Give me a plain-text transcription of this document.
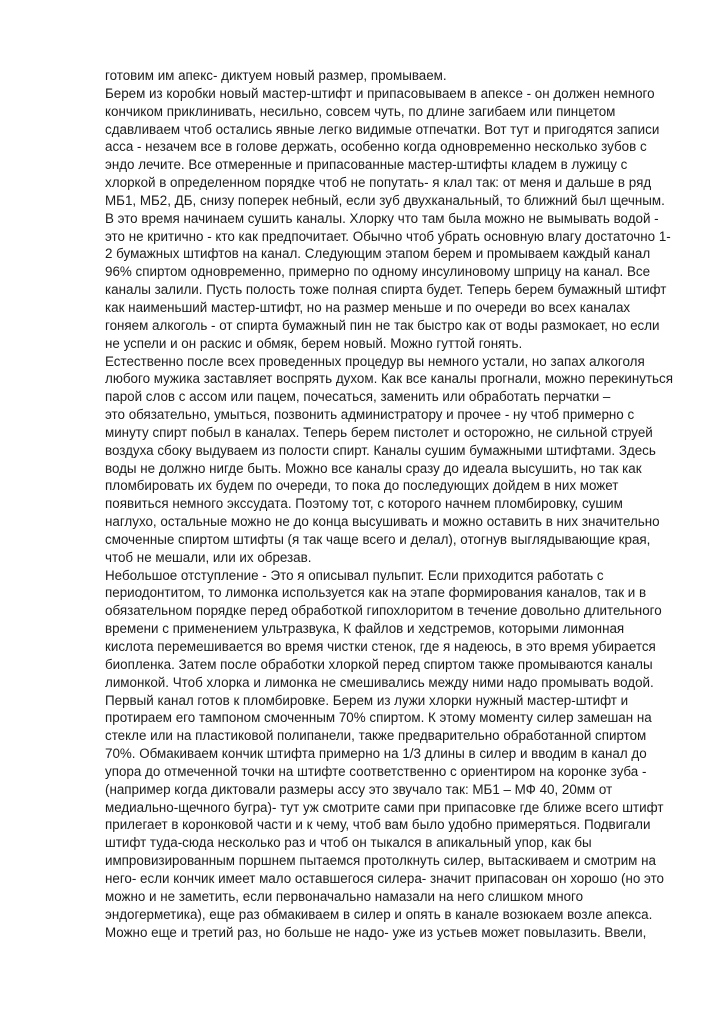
готовим им апекс- диктуем новый размер, промываем.
Берем из коробки новый мастер-штифт и припасовываем в апексе - он должен немного
кончиком приклинивать, несильно, совсем чуть, по длине загибаем или пинцетом
сдавливаем чтоб остались явные легко видимые отпечатки. Вот тут и пригодятся записи
асса - незачем все в голове держать, особенно когда одновременно несколько зубов с
эндо лечите. Все отмеренные и припасованные мастер-штифты кладем в лужицу с
хлоркой в определенном порядке чтоб не попутать- я клал так: от меня и дальше в ряд
МБ1, МБ2, ДБ, снизу поперек небный, если зуб двухканальный, то ближний был щечным.
В это время начинаем сушить каналы. Хлорку что там была можно не вымывать водой -
это не критично - кто как предпочитает. Обычно чтоб убрать основную влагу достаточно 1-
2 бумажных штифтов на канал. Следующим этапом берем и промываем каждый канал
96% спиртом одновременно, примерно по одному инсулиновому шприцу на канал. Все
каналы залили. Пусть полость тоже полная спирта будет. Теперь берем бумажный штифт
как наименьший мастер-штифт, но на размер меньше и по очереди во всех каналах
гоняем алкоголь - от спирта бумажный пин не так быстро как от воды размокает, но если
не успели и он раскис и обмяк, берем новый. Можно гуттой гонять.
Естественно после всех проведенных процедур вы немного устали, но запах алкоголя
любого мужика заставляет воспрять духом. Как все каналы прогнали, можно перекинуться
парой слов с ассом или пацем, почесаться, заменить или обработать перчатки –
это обязательно, умыться, позвонить администратору и прочее - ну чтоб примерно с
минуту спирт побыл в каналах. Теперь берем пистолет и осторожно, не сильной струей
воздуха сбоку выдуваем из полости спирт. Каналы сушим бумажными штифтами. Здесь
воды не должно нигде быть. Можно все каналы сразу до идеала высушить, но так как
пломбировать их будем по очереди, то пока до последующих дойдем в них может
появиться немного экссудата. Поэтому тот, с которого начнем пломбировку, сушим
наглухо, остальные можно не до конца высушивать и можно оставить в них значительно
смоченные спиртом штифты (я так чаще всего и делал), отогнув выглядывающие края,
чтоб не мешали, или их обрезав.
Небольшое отступление - Это я описывал пульпит. Если приходится работать с
периодонтитом, то лимонка используется как на этапе формирования каналов, так и в
обязательном порядке перед обработкой гипохлоритом в течение довольно длительного
времени с применением ультразвука, К файлов и хедстремов, которыми лимонная
кислота перемешивается во время чистки стенок, где я надеюсь, в это время убирается
биопленка. Затем после обработки хлоркой перед спиртом также промываются каналы
лимонкой. Чтоб хлорка и лимонка не смешивались между ними надо промывать водой.
Первый канал готов к пломбировке. Берем из лужи хлорки нужный мастер-штифт и
протираем его тампоном смоченным 70% спиртом. К этому моменту силер замешан на
стекле или на пластиковой полипанели, также предварительно обработанной спиртом
70%. Обмакиваем кончик штифта примерно на 1/3 длины в силер и вводим в канал до
упора до отмеченной точки на штифте соответственно с ориентиром на коронке зуба -
(например когда диктовали размеры ассу это звучало так: МБ1 – МФ 40, 20мм от
медиально-щечного бугра)- тут уж смотрите сами при припасовке где ближе всего штифт
прилегает в коронковой части и к чему, чтоб вам было удобно примеряться. Подвигали
штифт туда-сюда несколько раз и чтоб он тыкался в апикальный упор, как бы
импровизированным поршнем пытаемся протолкнуть силер, вытаскиваем и смотрим на
него- если кончик имеет мало оставшегося силера- значит припасован он хорошо (но это
можно и не заметить, если первоначально намазали на него слишком много
эндогерметика), еще раз обмакиваем в силер и опять в канале возюкаем возле апекса.
Можно еще и третий раз, но больше не надо- уже из устьев может повылазить. Ввели,
